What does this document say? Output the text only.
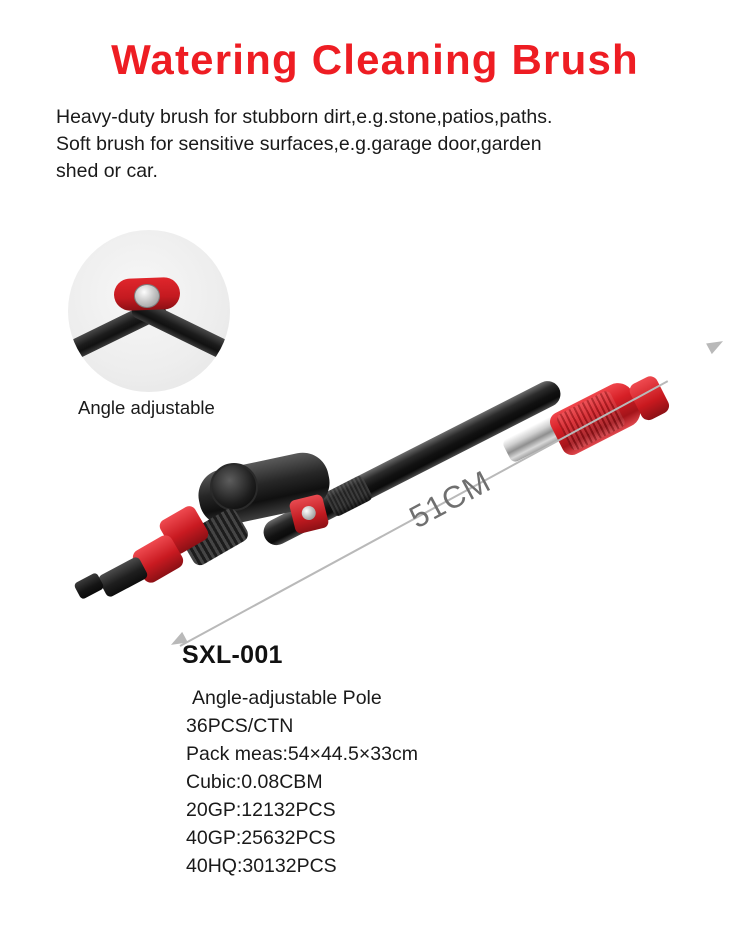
Watering Cleaning Brush
Heavy-duty brush for stubborn dirt,e.g.stone,patios,paths.
Soft brush for sensitive surfaces,e.g.garage door,garden
shed or car.
Angle adjustable
51CM
SXL-001
Angle-adjustable Pole
36PCS/CTN
Pack meas:54×44.5×33cm
Cubic:0.08CBM
20GP:12132PCS
40GP:25632PCS
40HQ:30132PCS
